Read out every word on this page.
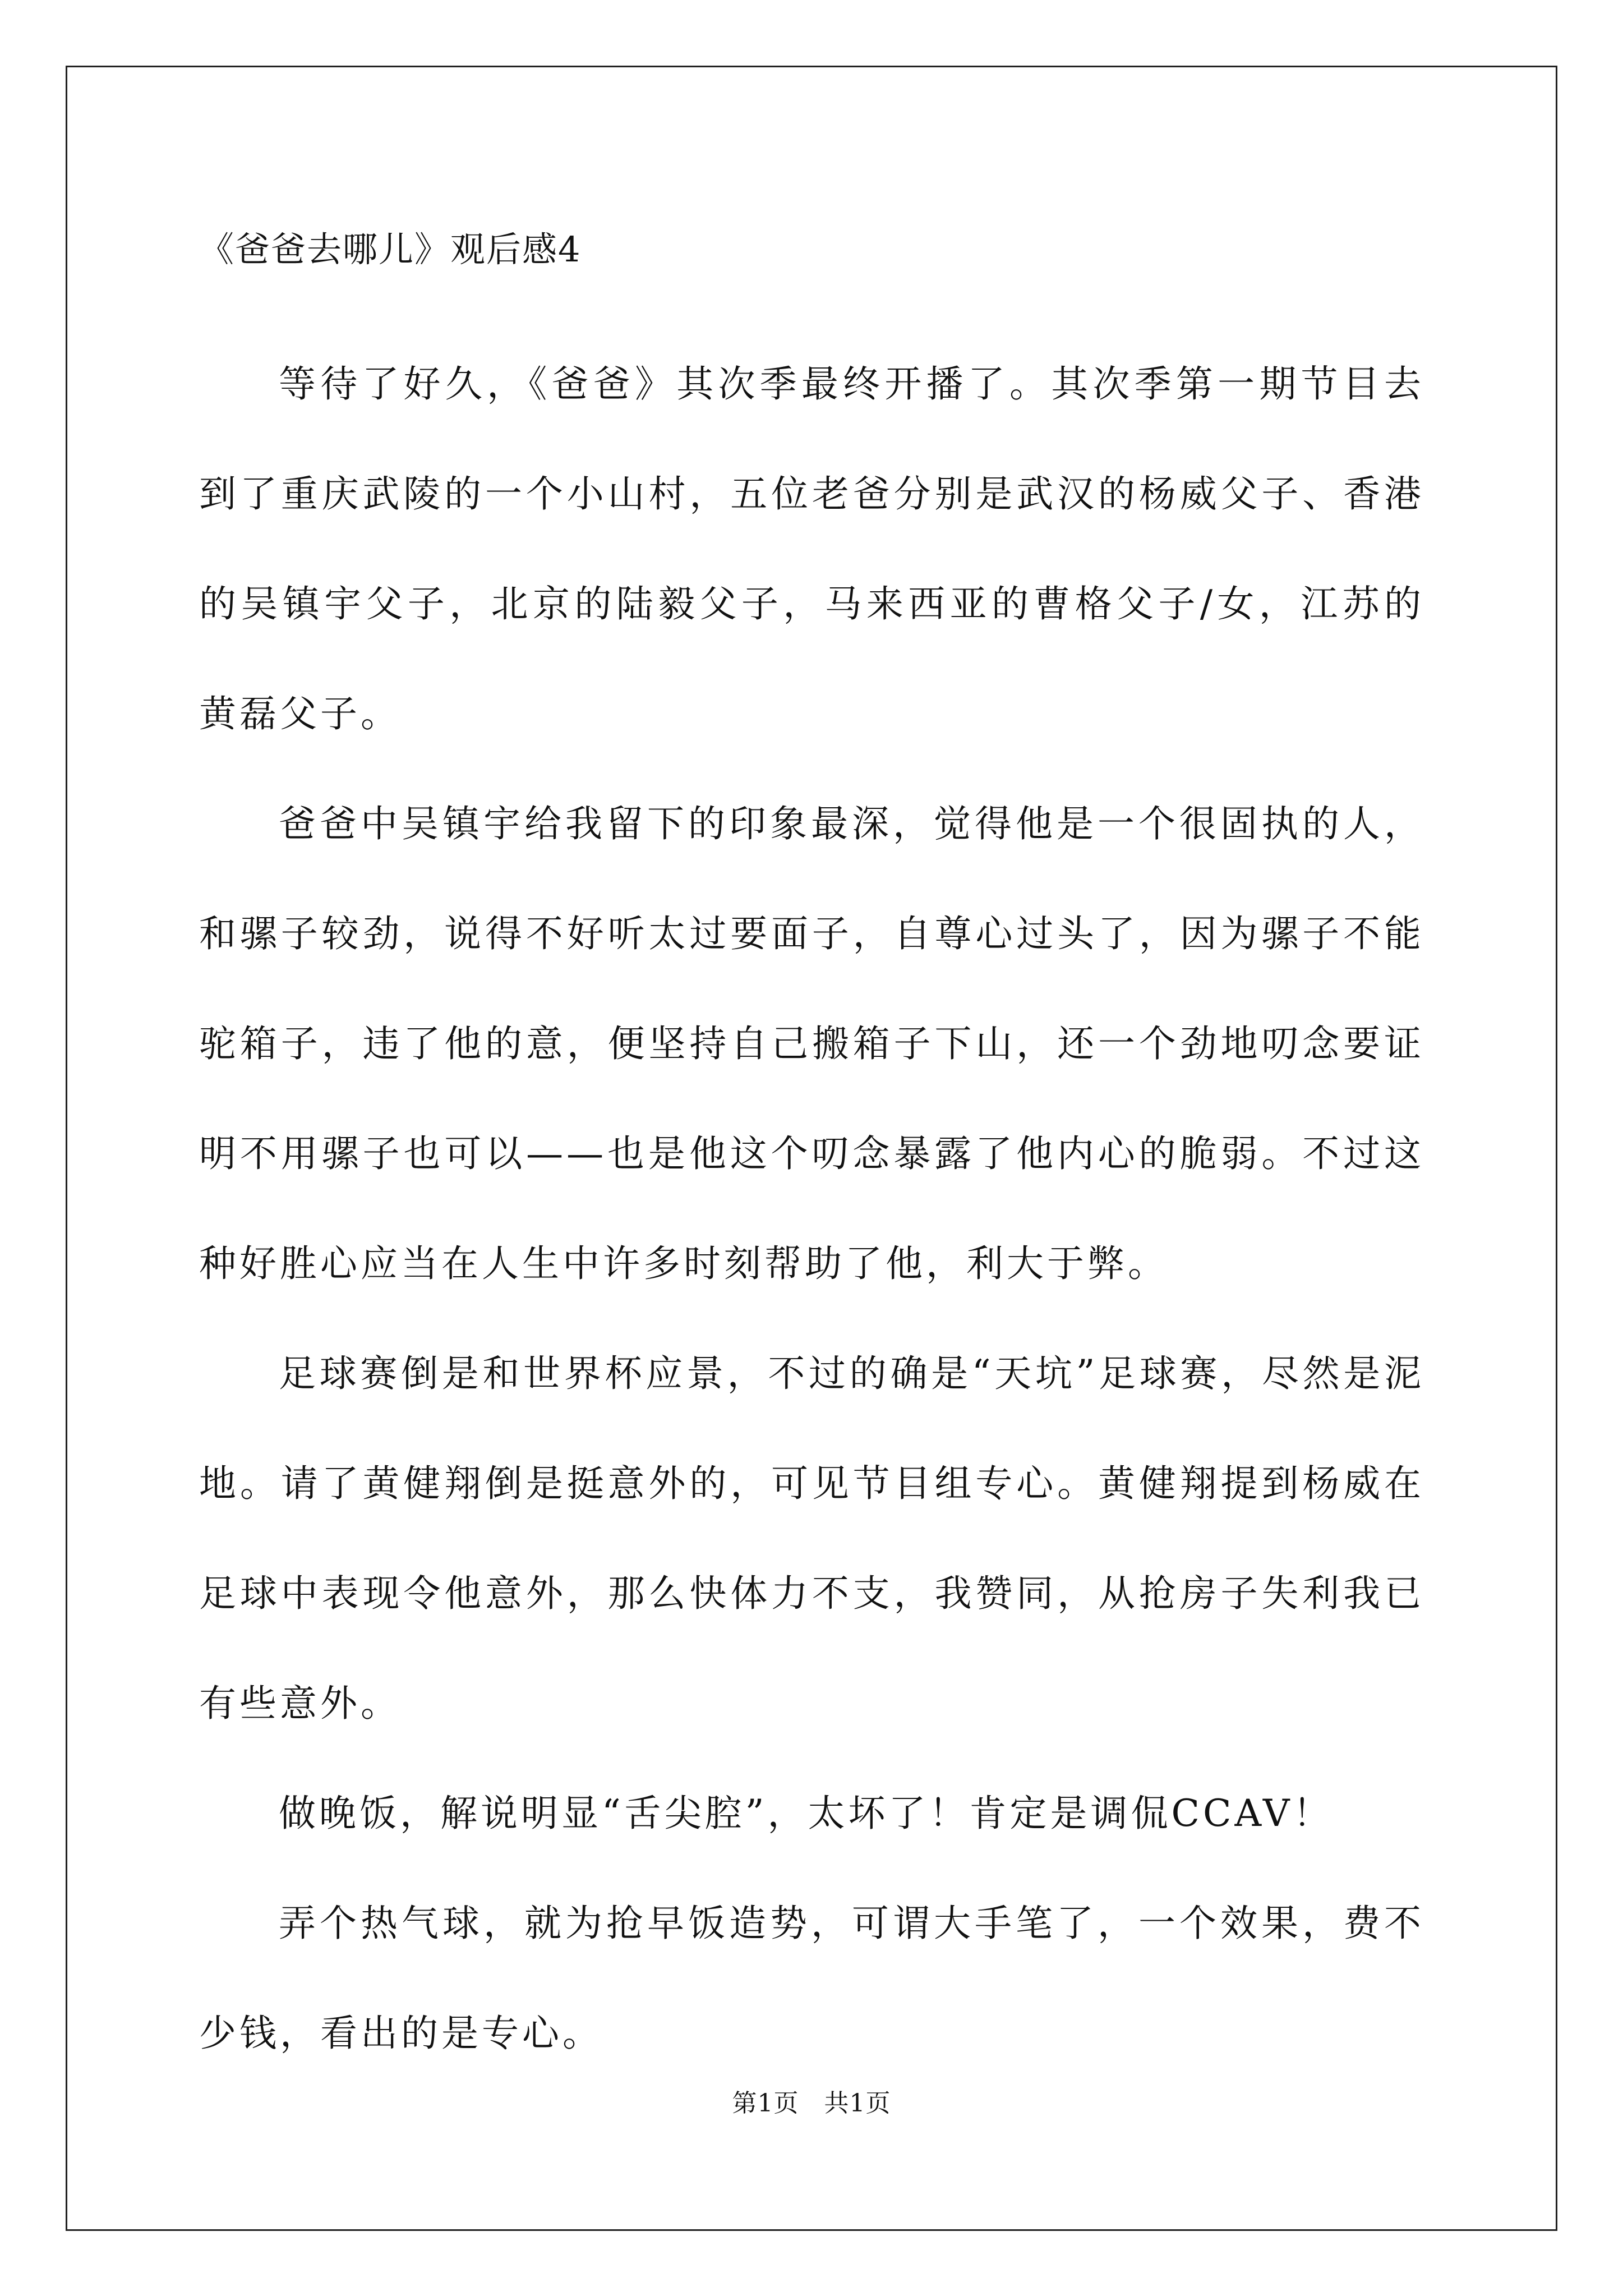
《爸爸去哪儿》观后感4

等待了好久，《爸爸》其次季最终开播了。其次季第一期节目去到了重庆武陵的一个小山村，五位老爸分别是武汉的杨威父子、香港的吴镇宇父子，北京的陆毅父子，马来西亚的曹格父子/女，江苏的黄磊父子。

爸爸中吴镇宇给我留下的印象最深，觉得他是一个很固执的人，和骡子较劲，说得不好听太过要面子，自尊心过头了，因为骡子不能驼箱子，违了他的意，便坚持自己搬箱子下山，还一个劲地叨念要证明不用骡子也可以——也是他这个叨念暴露了他内心的脆弱。不过这种好胜心应当在人生中许多时刻帮助了他，利大于弊。

足球赛倒是和世界杯应景，不过的确是“天坑”足球赛，尽然是泥地。请了黄健翔倒是挺意外的，可见节目组专心。黄健翔提到杨威在足球中表现令他意外，那么快体力不支，我赞同，从抢房子失利我已有些意外。

做晚饭，解说明显“舌尖腔”，太坏了！肯定是调侃CCAV！

弄个热气球，就为抢早饭造势，可谓大手笔了，一个效果，费不少钱，看出的是专心。

第1页　共1页
